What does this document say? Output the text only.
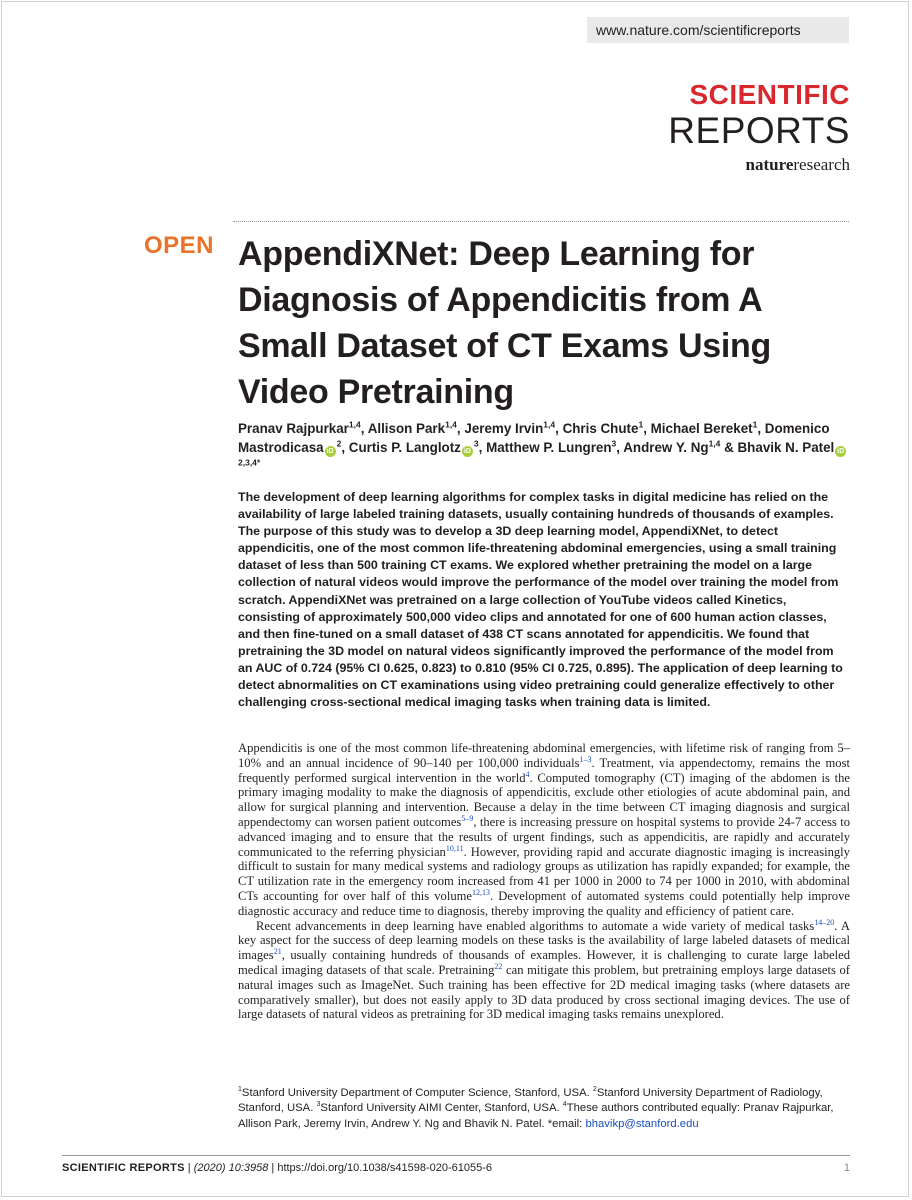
www.nature.com/scientificreports
SCIENTIFIC
REPORTS
natureresearch
OPEN AppendiXNet: Deep Learning for Diagnosis of Appendicitis from A Small Dataset of CT Exams Using Video Pretraining
Pranav Rajpurkar$^{1,4}$, Allison Park$^{1,4}$, Jeremy Irvin$^{1,4}$, Chris Chute$^1$, Michael Bereket$^1$, Domenico Mastrodicasa iD$^2$, Curtis P. Langlotz iD$^3$, Matthew P. Lungren$^3$, Andrew Y. Ng$^{1,4}$ & Bhavik N. Patel iD$^{2,3,4*}$
The development of deep learning algorithms for complex tasks in digital medicine has relied on the availability of large labeled training datasets, usually containing hundreds of thousands of examples. The purpose of this study was to develop a 3D deep learning model, AppendiXNet, to detect appendicitis, one of the most common life-threatening abdominal emergencies, using a small training dataset of less than 500 training CT exams. We explored whether pretraining the model on a large collection of natural videos would improve the performance of the model over training the model from scratch. AppendiXNet was pretrained on a large collection of YouTube videos called Kinetics, consisting of approximately 500,000 video clips and annotated for one of 600 human action classes, and then fine-tuned on a small dataset of 438 CT scans annotated for appendicitis. We found that pretraining the 3D model on natural videos significantly improved the performance of the model from an AUC of 0.724 (95% CI 0.625, 0.823) to 0.810 (95% CI 0.725, 0.895). The application of deep learning to detect abnormalities on CT examinations using video pretraining could generalize effectively to other challenging cross-sectional medical imaging tasks when training data is limited.

Appendicitis is one of the most common life-threatening abdominal emergencies, with lifetime risk of ranging from 5–10% and an annual incidence of 90–140 per 100,000 individuals$^{1-3}$. Treatment, via appendectomy, remains the most frequently performed surgical intervention in the world$^4$. Computed tomography (CT) imaging of the abdomen is the primary imaging modality to make the diagnosis of appendicitis, exclude other etiologies of acute abdominal pain, and allow for surgical planning and intervention. Because a delay in the time between CT imaging diagnosis and surgical appendectomy can worsen patient outcomes$^{5-9}$, there is increasing pressure on hospital systems to provide 24-7 access to advanced imaging and to ensure that the results of urgent findings, such as appendicitis, are rapidly and accurately communicated to the referring physician$^{10,11}$. However, providing rapid and accurate diagnostic imaging is increasingly difficult to sustain for many medical systems and radiology groups as utilization has rapidly expanded; for example, the CT utilization rate in the emergency room increased from 41 per 1000 in 2000 to 74 per 1000 in 2010, with abdominal CTs accounting for over half of this volume$^{12,13}$. Development of automated systems could potentially help improve diagnostic accuracy and reduce time to diagnosis, thereby improving the quality and efficiency of patient care.

Recent advancements in deep learning have enabled algorithms to automate a wide variety of medical tasks$^{14-20}$. A key aspect for the success of deep learning models on these tasks is the availability of large labeled datasets of medical images$^{21}$, usually containing hundreds of thousands of examples. However, it is challenging to curate large labeled medical imaging datasets of that scale. Pretraining$^{22}$ can mitigate this problem, but pretraining employs large datasets of natural images such as ImageNet. Such training has been effective for 2D medical imaging tasks (where datasets are comparatively smaller), but does not easily apply to 3D data produced by cross sectional imaging devices. The use of large datasets of natural videos as pretraining for 3D medical imaging tasks remains unexplored.

$^1$Stanford University Department of Computer Science, Stanford, USA. $^2$Stanford University Department of Radiology, Stanford, USA. $^3$Stanford University AIMI Center, Stanford, USA. $^4$These authors contributed equally: Pranav Rajpurkar, Allison Park, Jeremy Irvin, Andrew Y. Ng and Bhavik N. Patel. *email: bhavikp@stanford.edu
SCIENTIFIC REPORTS | (2020) 10:3958 | https://doi.org/10.1038/s41598-020-61055-6	1
